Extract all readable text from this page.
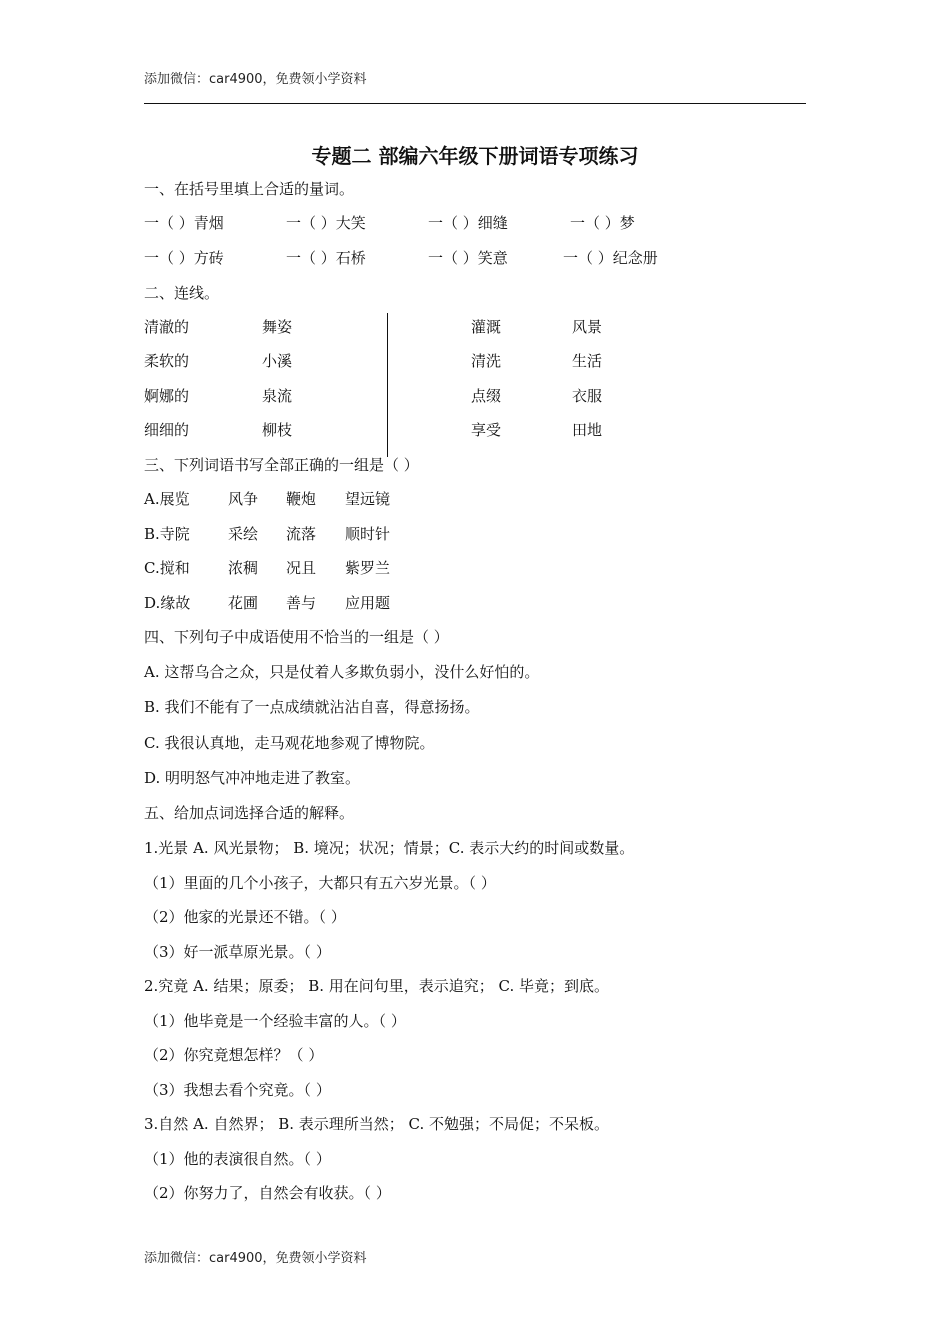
添加微信：car4900，免费领小学资料
专题二 部编六年级下册词语专项练习
一、在括号里填上合适的量词。
一（ ）青烟	一（ ）大笑	一（ ）细缝	一（ ）梦
一（ ）方砖	一（ ）石桥	一（ ）笑意	一（ ）纪念册
二、连线。
清澈的	舞姿	灌溉	风景
柔软的	小溪	清洗	生活
婀娜的	泉流	点缀	衣服
细细的	柳枝	享受	田地
三、下列词语书写全部正确的一组是（ ）
A.展览	风争 鞭炮 望远镜
B.寺院	采绘 流落 顺时针
C.搅和	浓稠 况且 紫罗兰
D.缘故	花圃 善与 应用题
四、下列句子中成语使用不恰当的一组是（ ）
A. 这帮乌合之众，只是仗着人多欺负弱小，没什么好怕的。
B. 我们不能有了一点成绩就沾沾自喜，得意扬扬。
C. 我很认真地，走马观花地参观了博物院。
D. 明明怒气冲冲地走进了教室。
五、给加点词选择合适的解释。
1.光景 A. 风光景物； B. 境况；状况；情景；C. 表示大约的时间或数量。
（1）里面的几个小孩子，大都只有五六岁光景。（ ）
（2）他家的光景还不错。（ ）
（3）好一派草原光景。（ ）
2.究竟 A. 结果；原委； B. 用在问句里，表示追究； C. 毕竟；到底。
（1）他毕竟是一个经验丰富的人。（ ）
（2）你究竟想怎样？（ ）
（3）我想去看个究竟。（ ）
3.自然 A. 自然界； B. 表示理所当然； C. 不勉强；不局促；不呆板。
（1）他的表演很自然。（ ）
（2）你努力了，自然会有收获。（ ）
添加微信：car4900，免费领小学资料
